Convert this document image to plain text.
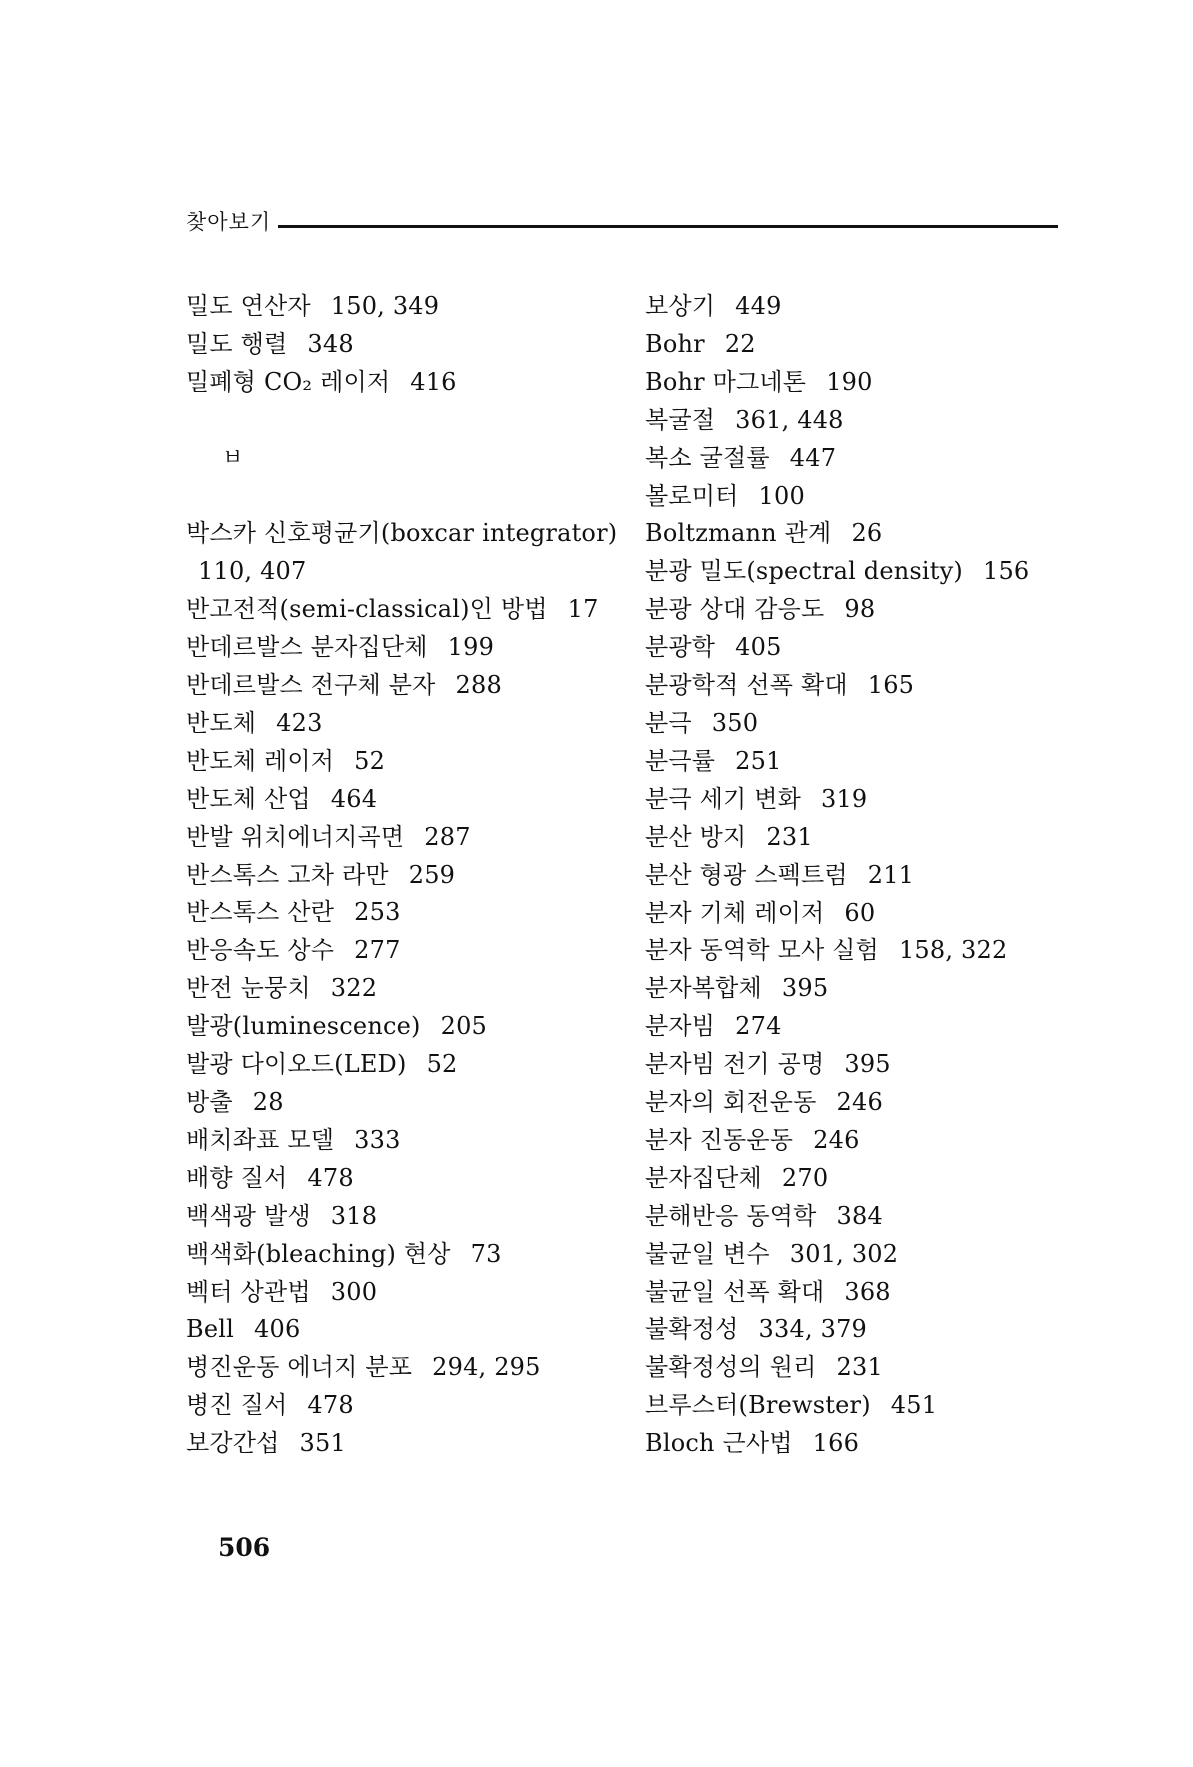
찾아보기
밀도 연산자 150, 349
밀도 행렬 348
밀폐형 CO₂ 레이저 416
ㅂ
박스카 신호평균기(boxcar integrator)
110, 407
반고전적(semi-classical)인 방법 17
반데르발스 분자집단체 199
반데르발스 전구체 분자 288
반도체 423
반도체 레이저 52
반도체 산업 464
반발 위치에너지곡면 287
반스톡스 고차 라만 259
반스톡스 산란 253
반응속도 상수 277
반전 눈뭉치 322
발광(luminescence) 205
발광 다이오드(LED) 52
방출 28
배치좌표 모델 333
배향 질서 478
백색광 발생 318
백색화(bleaching) 현상 73
벡터 상관법 300
Bell 406
병진운동 에너지 분포 294, 295
병진 질서 478
보강간섭 351
보상기 449
Bohr 22
Bohr 마그네톤 190
복굴절 361, 448
복소 굴절률 447
볼로미터 100
Boltzmann 관계 26
분광 밀도(spectral density) 156
분광 상대 감응도 98
분광학 405
분광학적 선폭 확대 165
분극 350
분극률 251
분극 세기 변화 319
분산 방지 231
분산 형광 스펙트럼 211
분자 기체 레이저 60
분자 동역학 모사 실험 158, 322
분자복합체 395
분자빔 274
분자빔 전기 공명 395
분자의 회전운동 246
분자 진동운동 246
분자집단체 270
분해반응 동역학 384
불균일 변수 301, 302
불균일 선폭 확대 368
불확정성 334, 379
불확정성의 원리 231
브루스터(Brewster) 451
Bloch 근사법 166
506
